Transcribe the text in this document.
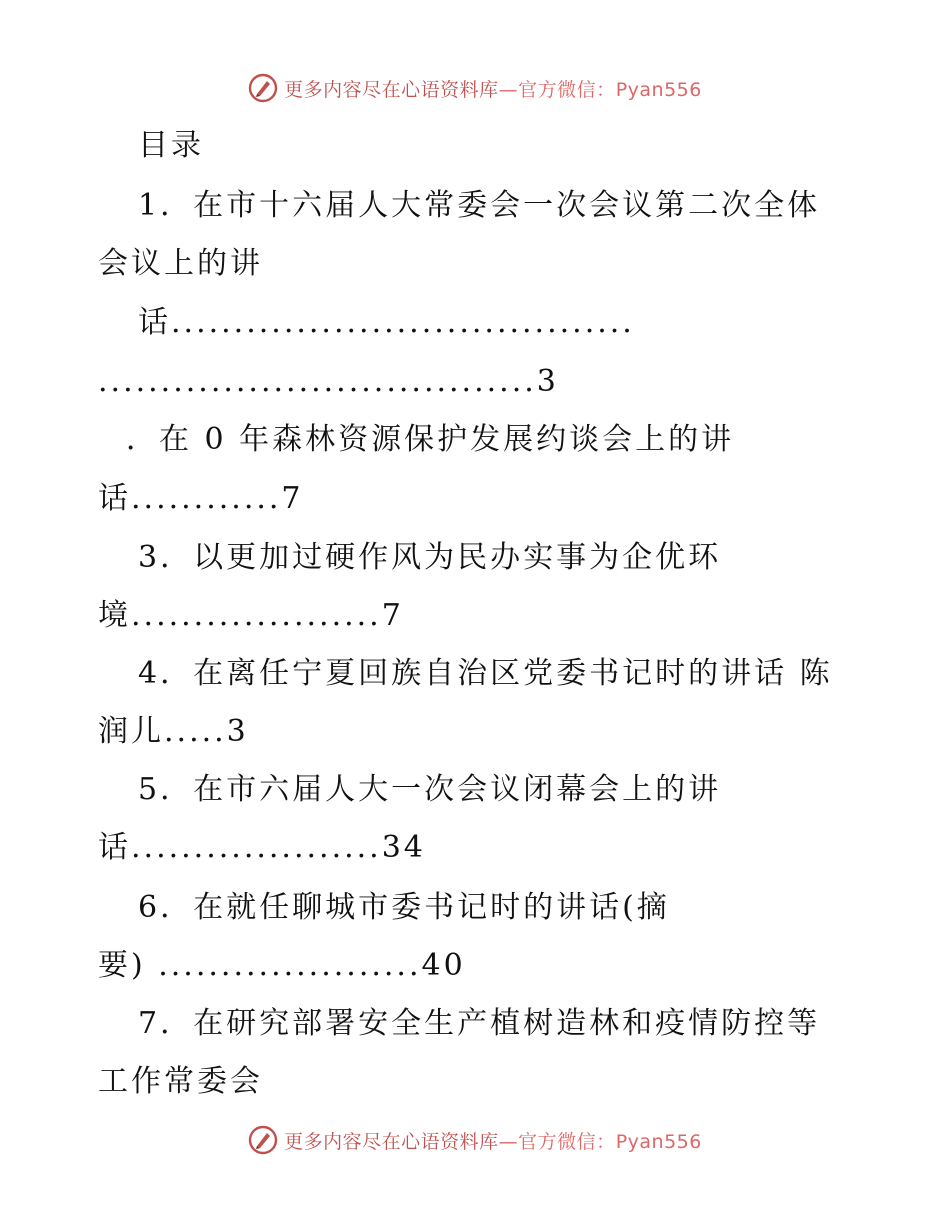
更多内容尽在心语资料库—官方微信：Pyan556
目录
1．在市十六届人大常委会一次会议第二次全体
会议上的讲
话.....................................
...................................3
．在 0 年森林资源保护发展约谈会上的讲
话............7
3．以更加过硬作风为民办实事为企优环
境....................7
4．在离任宁夏回族自治区党委书记时的讲话 陈
润儿.....3
5．在市六届人大一次会议闭幕会上的讲
话....................34
6．在就任聊城市委书记时的讲话(摘
要) .....................40
7．在研究部署安全生产植树造林和疫情防控等
工作常委会
更多内容尽在心语资料库—官方微信：Pyan556
